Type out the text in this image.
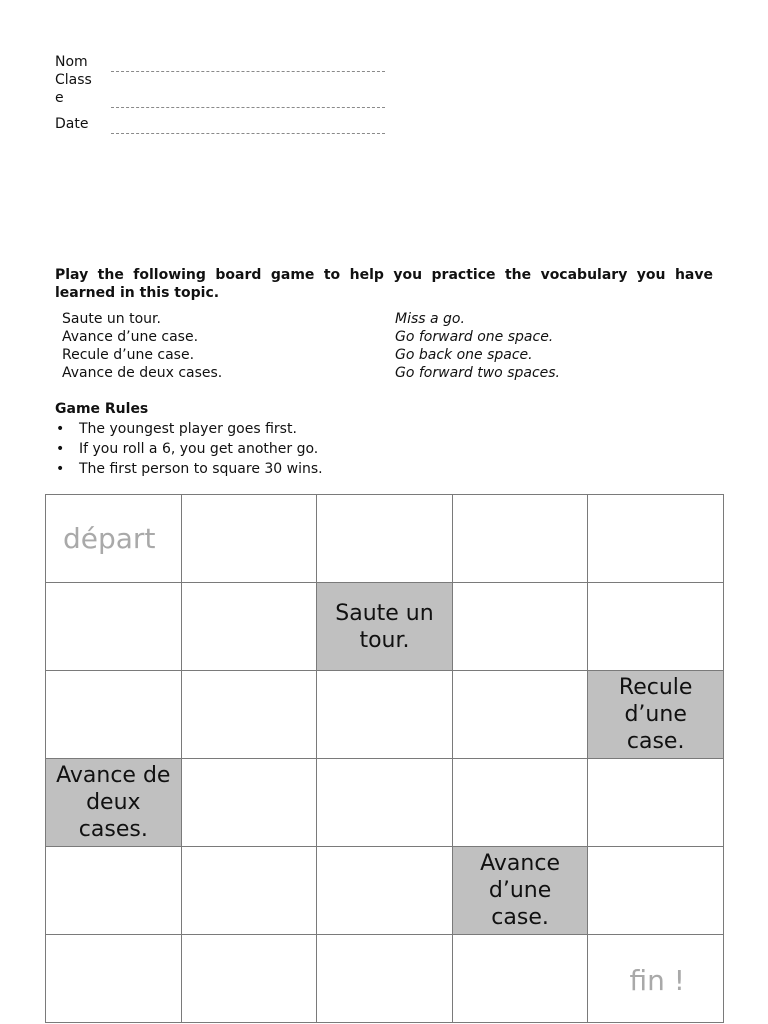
Nom
Class
e
Date
Play the following board game to help you practice the vocabulary you have learned in this topic.
Saute un tour.	Miss a go.
Avance d’une case.	Go forward one space.
Recule d’une case.	Go back one space.
Avance de deux cases.	Go forward two spaces.
Game Rules
• The youngest player goes first.
• If you roll a 6, you get another go.
• The first person to square 30 wins.
départ
Saute un tour.
Recule d’une case.
Avance de deux cases.
Avance d’une case.
fin !
